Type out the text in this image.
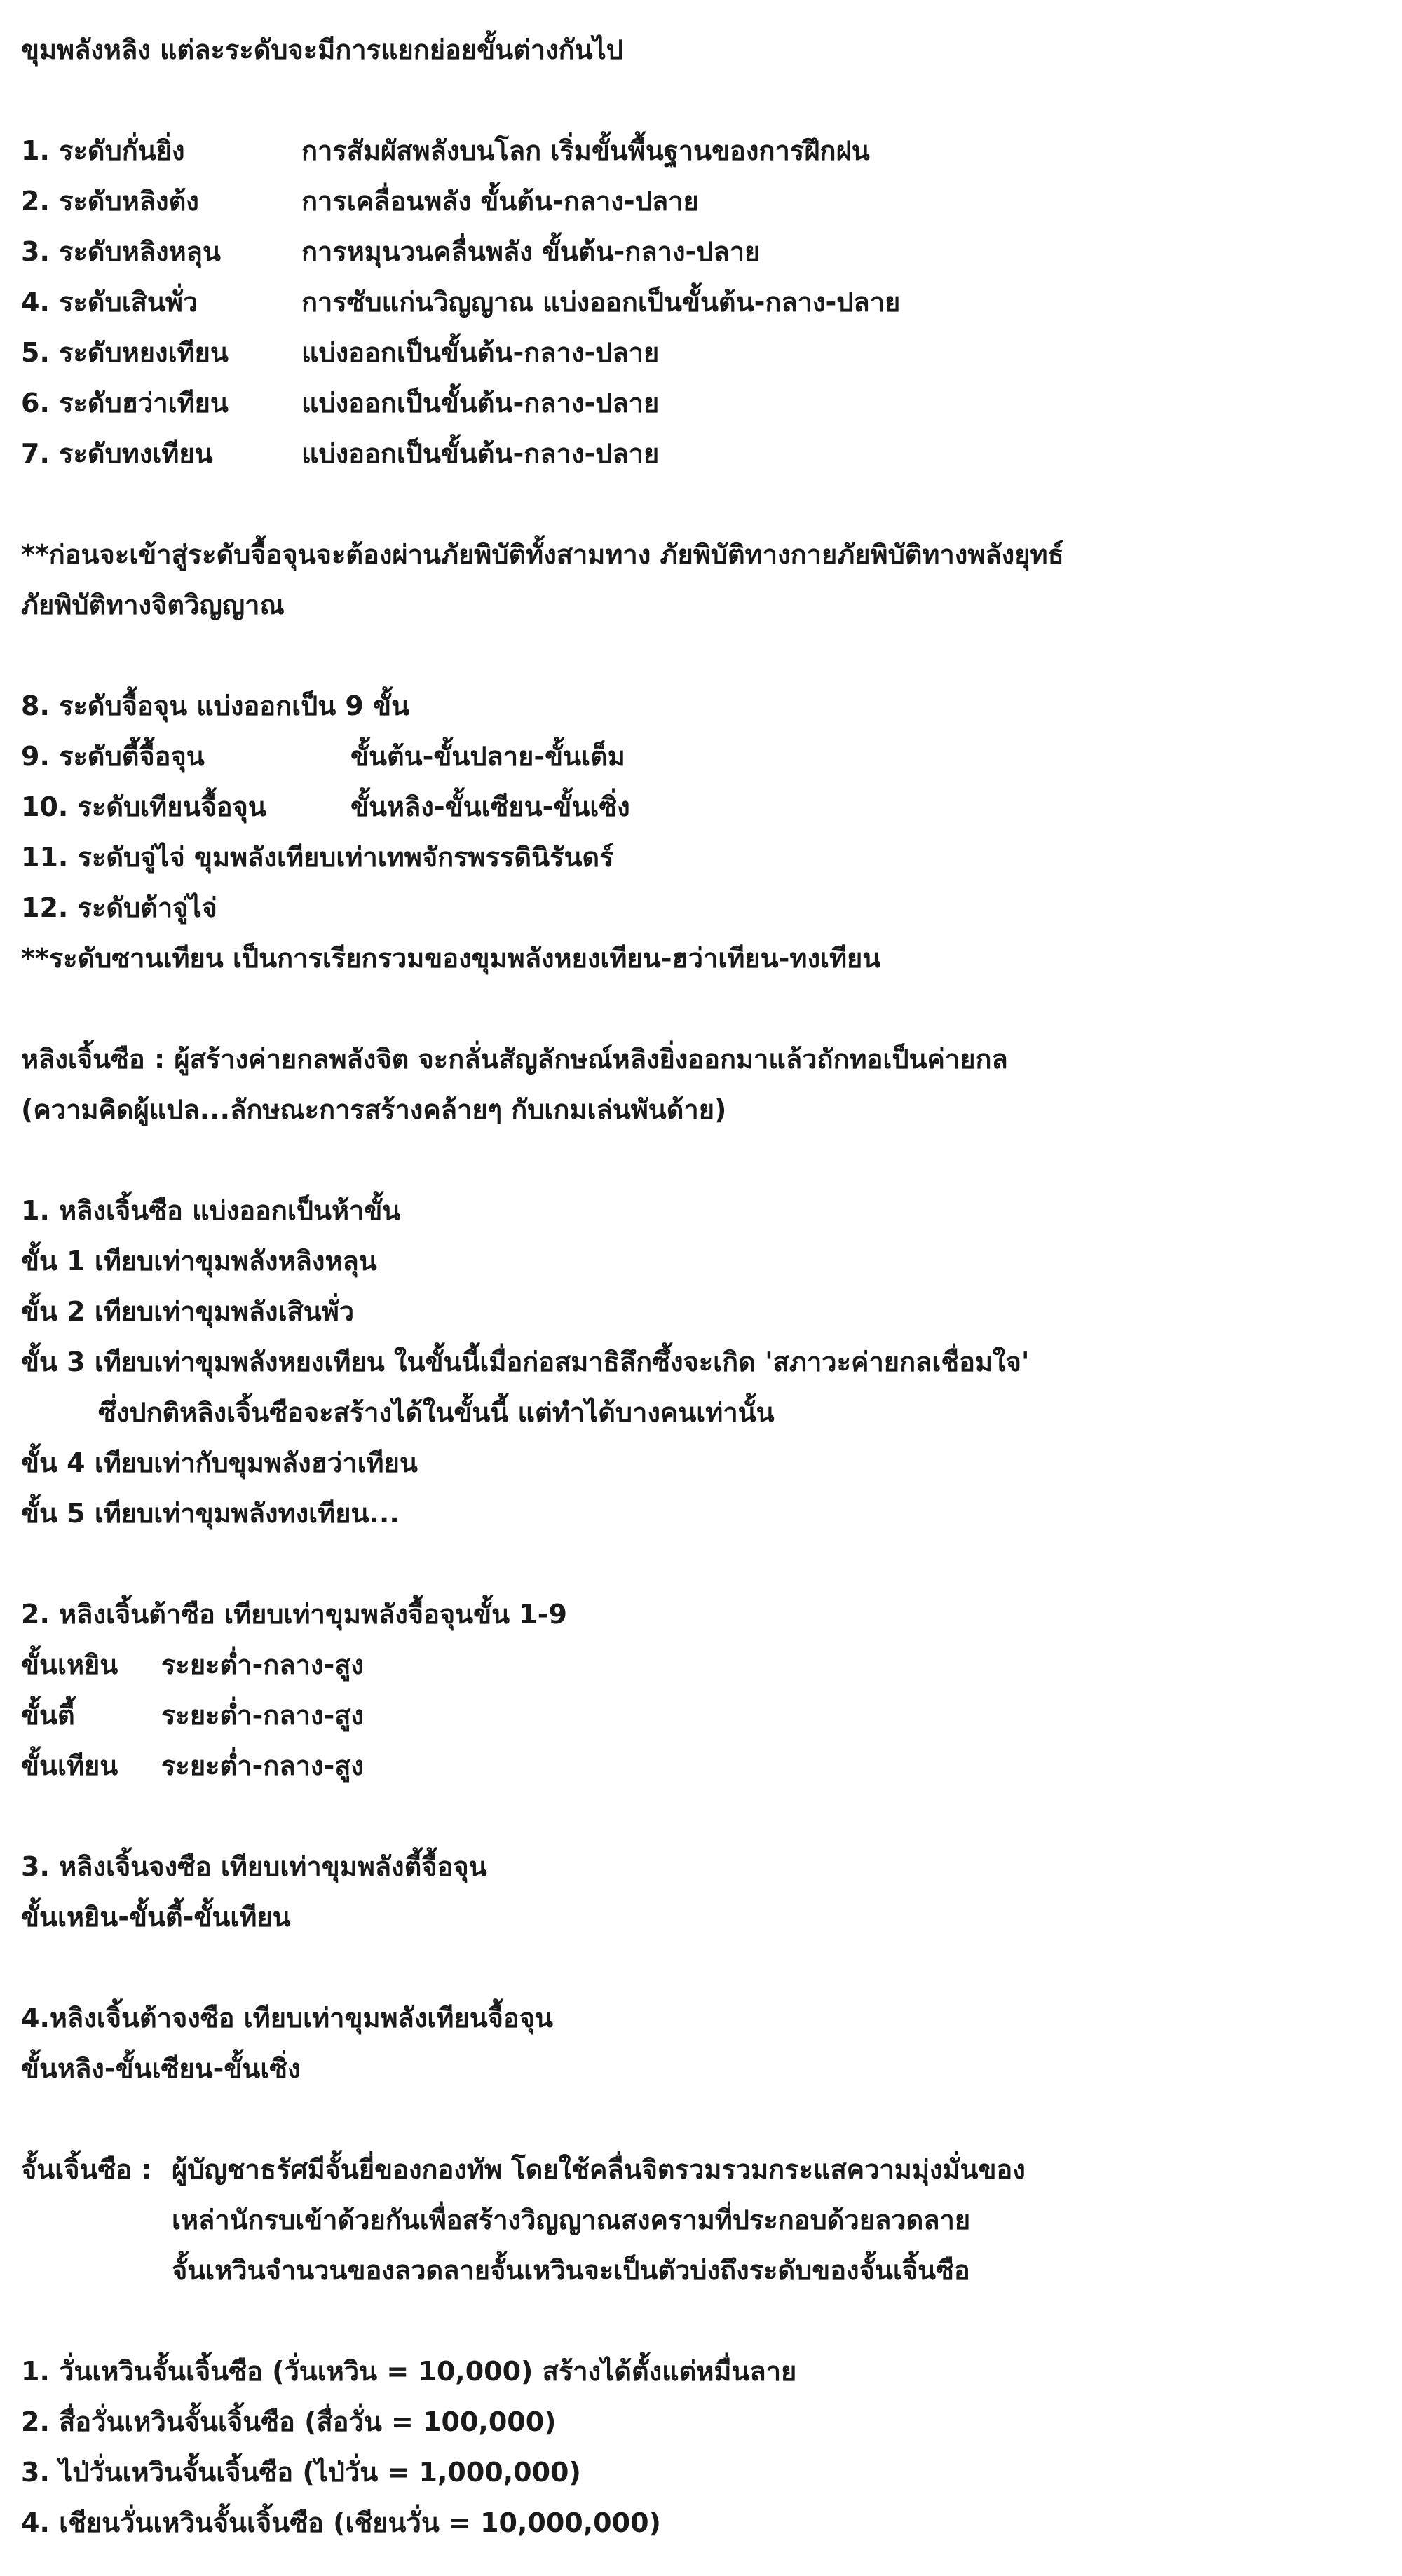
ขุมพลังหลิง แต่ละระดับจะมีการแยกย่อยขั้นต่างกันไป
1. ระดับกั่นยิ่ง	การสัมผัสพลังบนโลก เริ่มขั้นพื้นฐานของการฝึกฝน
2. ระดับหลิงต้ง	การเคลื่อนพลัง ขั้นต้น-กลาง-ปลาย
3. ระดับหลิงหลุน	การหมุนวนคลื่นพลัง ขั้นต้น-กลาง-ปลาย
4. ระดับเสินพั่ว	การซับแก่นวิญญาณ แบ่งออกเป็นขั้นต้น-กลาง-ปลาย
5. ระดับหยงเทียน	แบ่งออกเป็นขั้นต้น-กลาง-ปลาย
6. ระดับฮว่าเทียน	แบ่งออกเป็นขั้นต้น-กลาง-ปลาย
7. ระดับทงเทียน	แบ่งออกเป็นขั้นต้น-กลาง-ปลาย
**ก่อนจะเข้าสู่ระดับจื้อจุนจะต้องผ่านภัยพิบัติทั้งสามทาง ภัยพิบัติทางกายภัยพิบัติทางพลังยุทธ์
ภัยพิบัติทางจิตวิญญาณ
8. ระดับจื้อจุน แบ่งออกเป็น 9 ขั้น
9. ระดับตี้จื้อจุน	ขั้นต้น-ขั้นปลาย-ขั้นเต็ม
10. ระดับเทียนจื้อจุน	ขั้นหลิง-ขั้นเซียน-ขั้นเซิ่ง
11. ระดับจู่ไจ่ ขุมพลังเทียบเท่าเทพจักรพรรดินิรันดร์
12. ระดับต้าจู่ไจ่
**ระดับซานเทียน เป็นการเรียกรวมของขุมพลังหยงเทียน-ฮว่าเทียน-ทงเทียน
หลิงเจิ้นซือ : ผู้สร้างค่ายกลพลังจิต จะกลั่นสัญลักษณ์หลิงยิ่งออกมาแล้วถักทอเป็นค่ายกล
(ความคิดผู้แปล...ลักษณะการสร้างคล้ายๆ กับเกมเล่นพันด้าย)
1. หลิงเจิ้นซือ แบ่งออกเป็นห้าขั้น
ขั้น 1 เทียบเท่าขุมพลังหลิงหลุน
ขั้น 2 เทียบเท่าขุมพลังเสินพั่ว
ขั้น 3 เทียบเท่าขุมพลังหยงเทียน ในขั้นนี้เมื่อก่อสมาธิลึกซึ้งจะเกิด 'สภาวะค่ายกลเชื่อมใจ'
ซึ่งปกติหลิงเจิ้นซือจะสร้างได้ในขั้นนี้ แต่ทำได้บางคนเท่านั้น
ขั้น 4 เทียบเท่ากับขุมพลังฮว่าเทียน
ขั้น 5 เทียบเท่าขุมพลังทงเทียน...
2. หลิงเจิ้นต้าซือ เทียบเท่าขุมพลังจื้อจุนขั้น 1-9
ขั้นเหยิน ระยะต่ำ-กลาง-สูง
ขั้นตี้	ระยะต่ำ-กลาง-สูง
ขั้นเทียน ระยะต่ำ-กลาง-สูง
3. หลิงเจิ้นจงซือ เทียบเท่าขุมพลังตี้จื้อจุน
ขั้นเหยิน-ขั้นตี้-ขั้นเทียน
4.หลิงเจิ้นต้าจงซือ เทียบเท่าขุมพลังเทียนจื้อจุน
ขั้นหลิง-ขั้นเซียน-ขั้นเซิ่ง
จั้นเจิ้นซือ : ผู้บัญชาธรัศมีจั้นยี่ของกองทัพ โดยใช้คลื่นจิตรวมรวมกระแสความมุ่งมั่นของ
เหล่านักรบเข้าด้วยกันเพื่อสร้างวิญญาณสงครามที่ประกอบด้วยลวดลาย
จั้นเหวินจำนวนของลวดลายจั้นเหวินจะเป็นตัวบ่งถึงระดับของจั้นเจิ้นซือ
1. วั่นเหวินจั้นเจิ้นซือ (วั่นเหวิน = 10,000) สร้างได้ตั้งแต่หมื่นลาย
2. สื่อวั่นเหวินจั้นเจิ้นซือ (สื่อวั่น = 100,000)
3. ไป่วั่นเหวินจั้นเจิ้นซือ (ไป่วั่น = 1,000,000)
4. เชียนวั่นเหวินจั้นเจิ้นซือ (เชียนวั่น = 10,000,000)
